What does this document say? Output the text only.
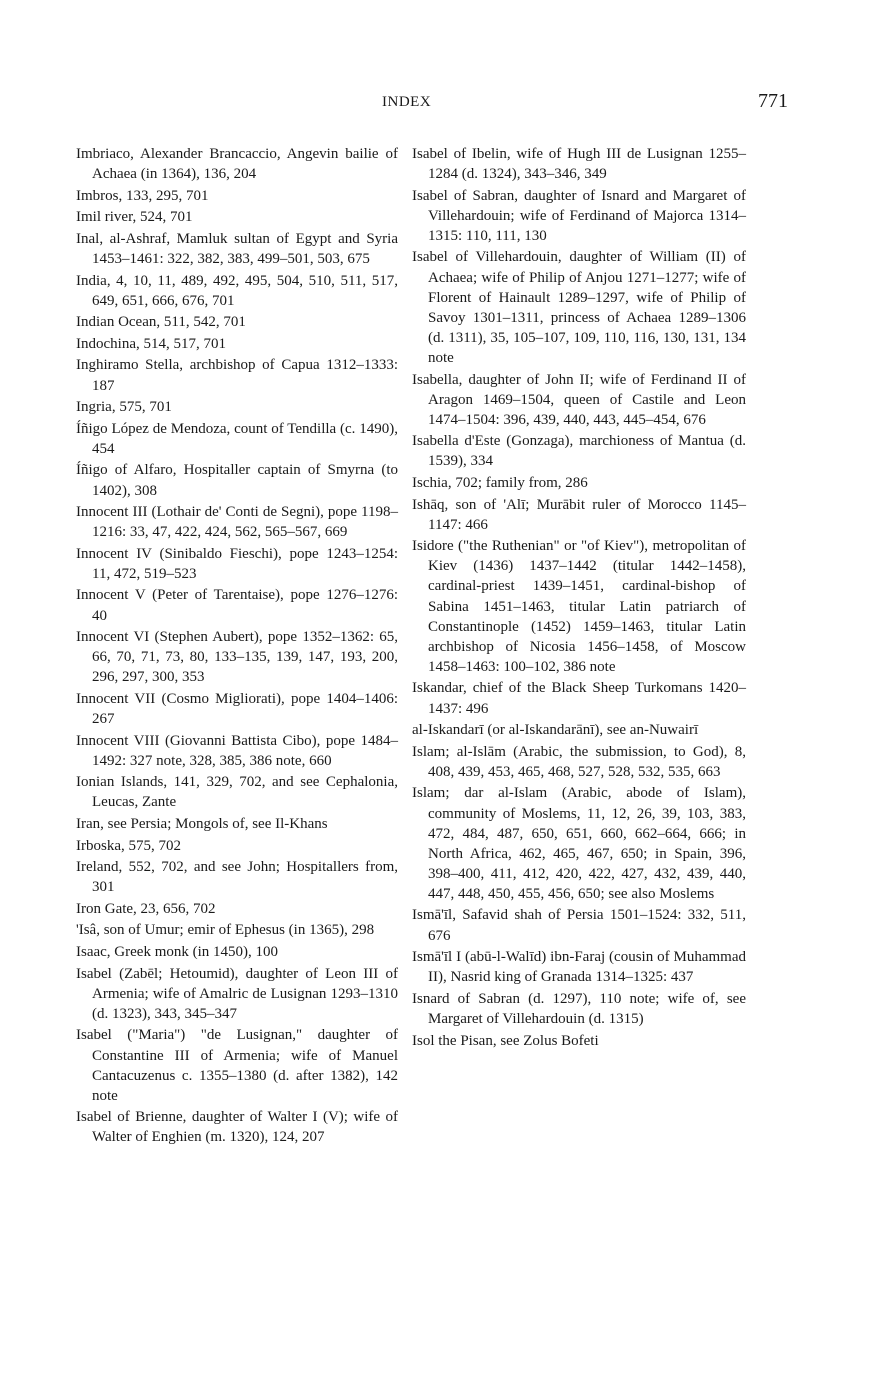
INDEX	771

Imbriaco, Alexander Brancaccio, Angevin bailie of Achaea (in 1364), 136, 204

Imbros, 133, 295, 701

Imil river, 524, 701

Inal, al-Ashraf, Mamluk sultan of Egypt and Syria 1453–1461: 322, 382, 383, 499–501, 503, 675

India, 4, 10, 11, 489, 492, 495, 504, 510, 511, 517, 649, 651, 666, 676, 701

Indian Ocean, 511, 542, 701

Indochina, 514, 517, 701

Inghiramo Stella, archbishop of Capua 1312–1333: 187

Ingria, 575, 701

Íñigo López de Mendoza, count of Tendilla (c. 1490), 454

Íñigo of Alfaro, Hospitaller captain of Smyrna (to 1402), 308

Innocent III (Lothair de' Conti de Segni), pope 1198–1216: 33, 47, 422, 424, 562, 565–567, 669

Innocent IV (Sinibaldo Fieschi), pope 1243–1254: 11, 472, 519–523

Innocent V (Peter of Tarentaise), pope 1276–1276: 40

Innocent VI (Stephen Aubert), pope 1352–1362: 65, 66, 70, 71, 73, 80, 133–135, 139, 147, 193, 200, 296, 297, 300, 353

Innocent VII (Cosmo Migliorati), pope 1404–1406: 267

Innocent VIII (Giovanni Battista Cibo), pope 1484–1492: 327 note, 328, 385, 386 note, 660

Ionian Islands, 141, 329, 702, and see Cephalonia, Leucas, Zante

Iran, see Persia; Mongols of, see Il-Khans

Irboska, 575, 702

Ireland, 552, 702, and see John; Hospitallers from, 301

Iron Gate, 23, 656, 702

'Isâ, son of Umur; emir of Ephesus (in 1365), 298

Isaac, Greek monk (in 1450), 100

Isabel (Zabēl; Hetoumid), daughter of Leon III of Armenia; wife of Amalric de Lusignan 1293–1310 (d. 1323), 343, 345–347

Isabel ("Maria") "de Lusignan," daughter of Constantine III of Armenia; wife of Manuel Cantacuzenus c. 1355–1380 (d. after 1382), 142 note

Isabel of Brienne, daughter of Walter I (V); wife of Walter of Enghien (m. 1320), 124, 207

Isabel of Ibelin, wife of Hugh III de Lusignan 1255–1284 (d. 1324), 343–346, 349

Isabel of Sabran, daughter of Isnard and Margaret of Villehardouin; wife of Ferdinand of Majorca 1314–1315: 110, 111, 130

Isabel of Villehardouin, daughter of William (II) of Achaea; wife of Philip of Anjou 1271–1277; wife of Florent of Hainault 1289–1297, wife of Philip of Savoy 1301–1311, princess of Achaea 1289–1306 (d. 1311), 35, 105–107, 109, 110, 116, 130, 131, 134 note

Isabella, daughter of John II; wife of Ferdinand II of Aragon 1469–1504, queen of Castile and Leon 1474–1504: 396, 439, 440, 443, 445–454, 676

Isabella d'Este (Gonzaga), marchioness of Mantua (d. 1539), 334

Ischia, 702; family from, 286

Ishāq, son of 'Alī; Murābit ruler of Morocco 1145–1147: 466

Isidore ("the Ruthenian" or "of Kiev"), metropolitan of Kiev (1436) 1437–1442 (titular 1442–1458), cardinal-priest 1439–1451, cardinal-bishop of Sabina 1451–1463, titular Latin patriarch of Constantinople (1452) 1459–1463, titular Latin archbishop of Nicosia 1456–1458, of Moscow 1458–1463: 100–102, 386 note

Iskandar, chief of the Black Sheep Turkomans 1420–1437: 496

al-Iskandarī (or al-Iskandarānī), see an-Nuwairī

Islam; al-Islām (Arabic, the submission, to God), 8, 408, 439, 453, 465, 468, 527, 528, 532, 535, 663

Islam; dar al-Islam (Arabic, abode of Islam), community of Moslems, 11, 12, 26, 39, 103, 383, 472, 484, 487, 650, 651, 660, 662–664, 666; in North Africa, 462, 465, 467, 650; in Spain, 396, 398–400, 411, 412, 420, 422, 427, 432, 439, 440, 447, 448, 450, 455, 456, 650; see also Moslems

Ismā'īl, Safavid shah of Persia 1501–1524: 332, 511, 676

Ismā'īl I (abū-l-Walīd) ibn-Faraj (cousin of Muhammad II), Nasrid king of Granada 1314–1325: 437

Isnard of Sabran (d. 1297), 110 note; wife of, see Margaret of Villehardouin (d. 1315)

Isol the Pisan, see Zolus Bofeti
